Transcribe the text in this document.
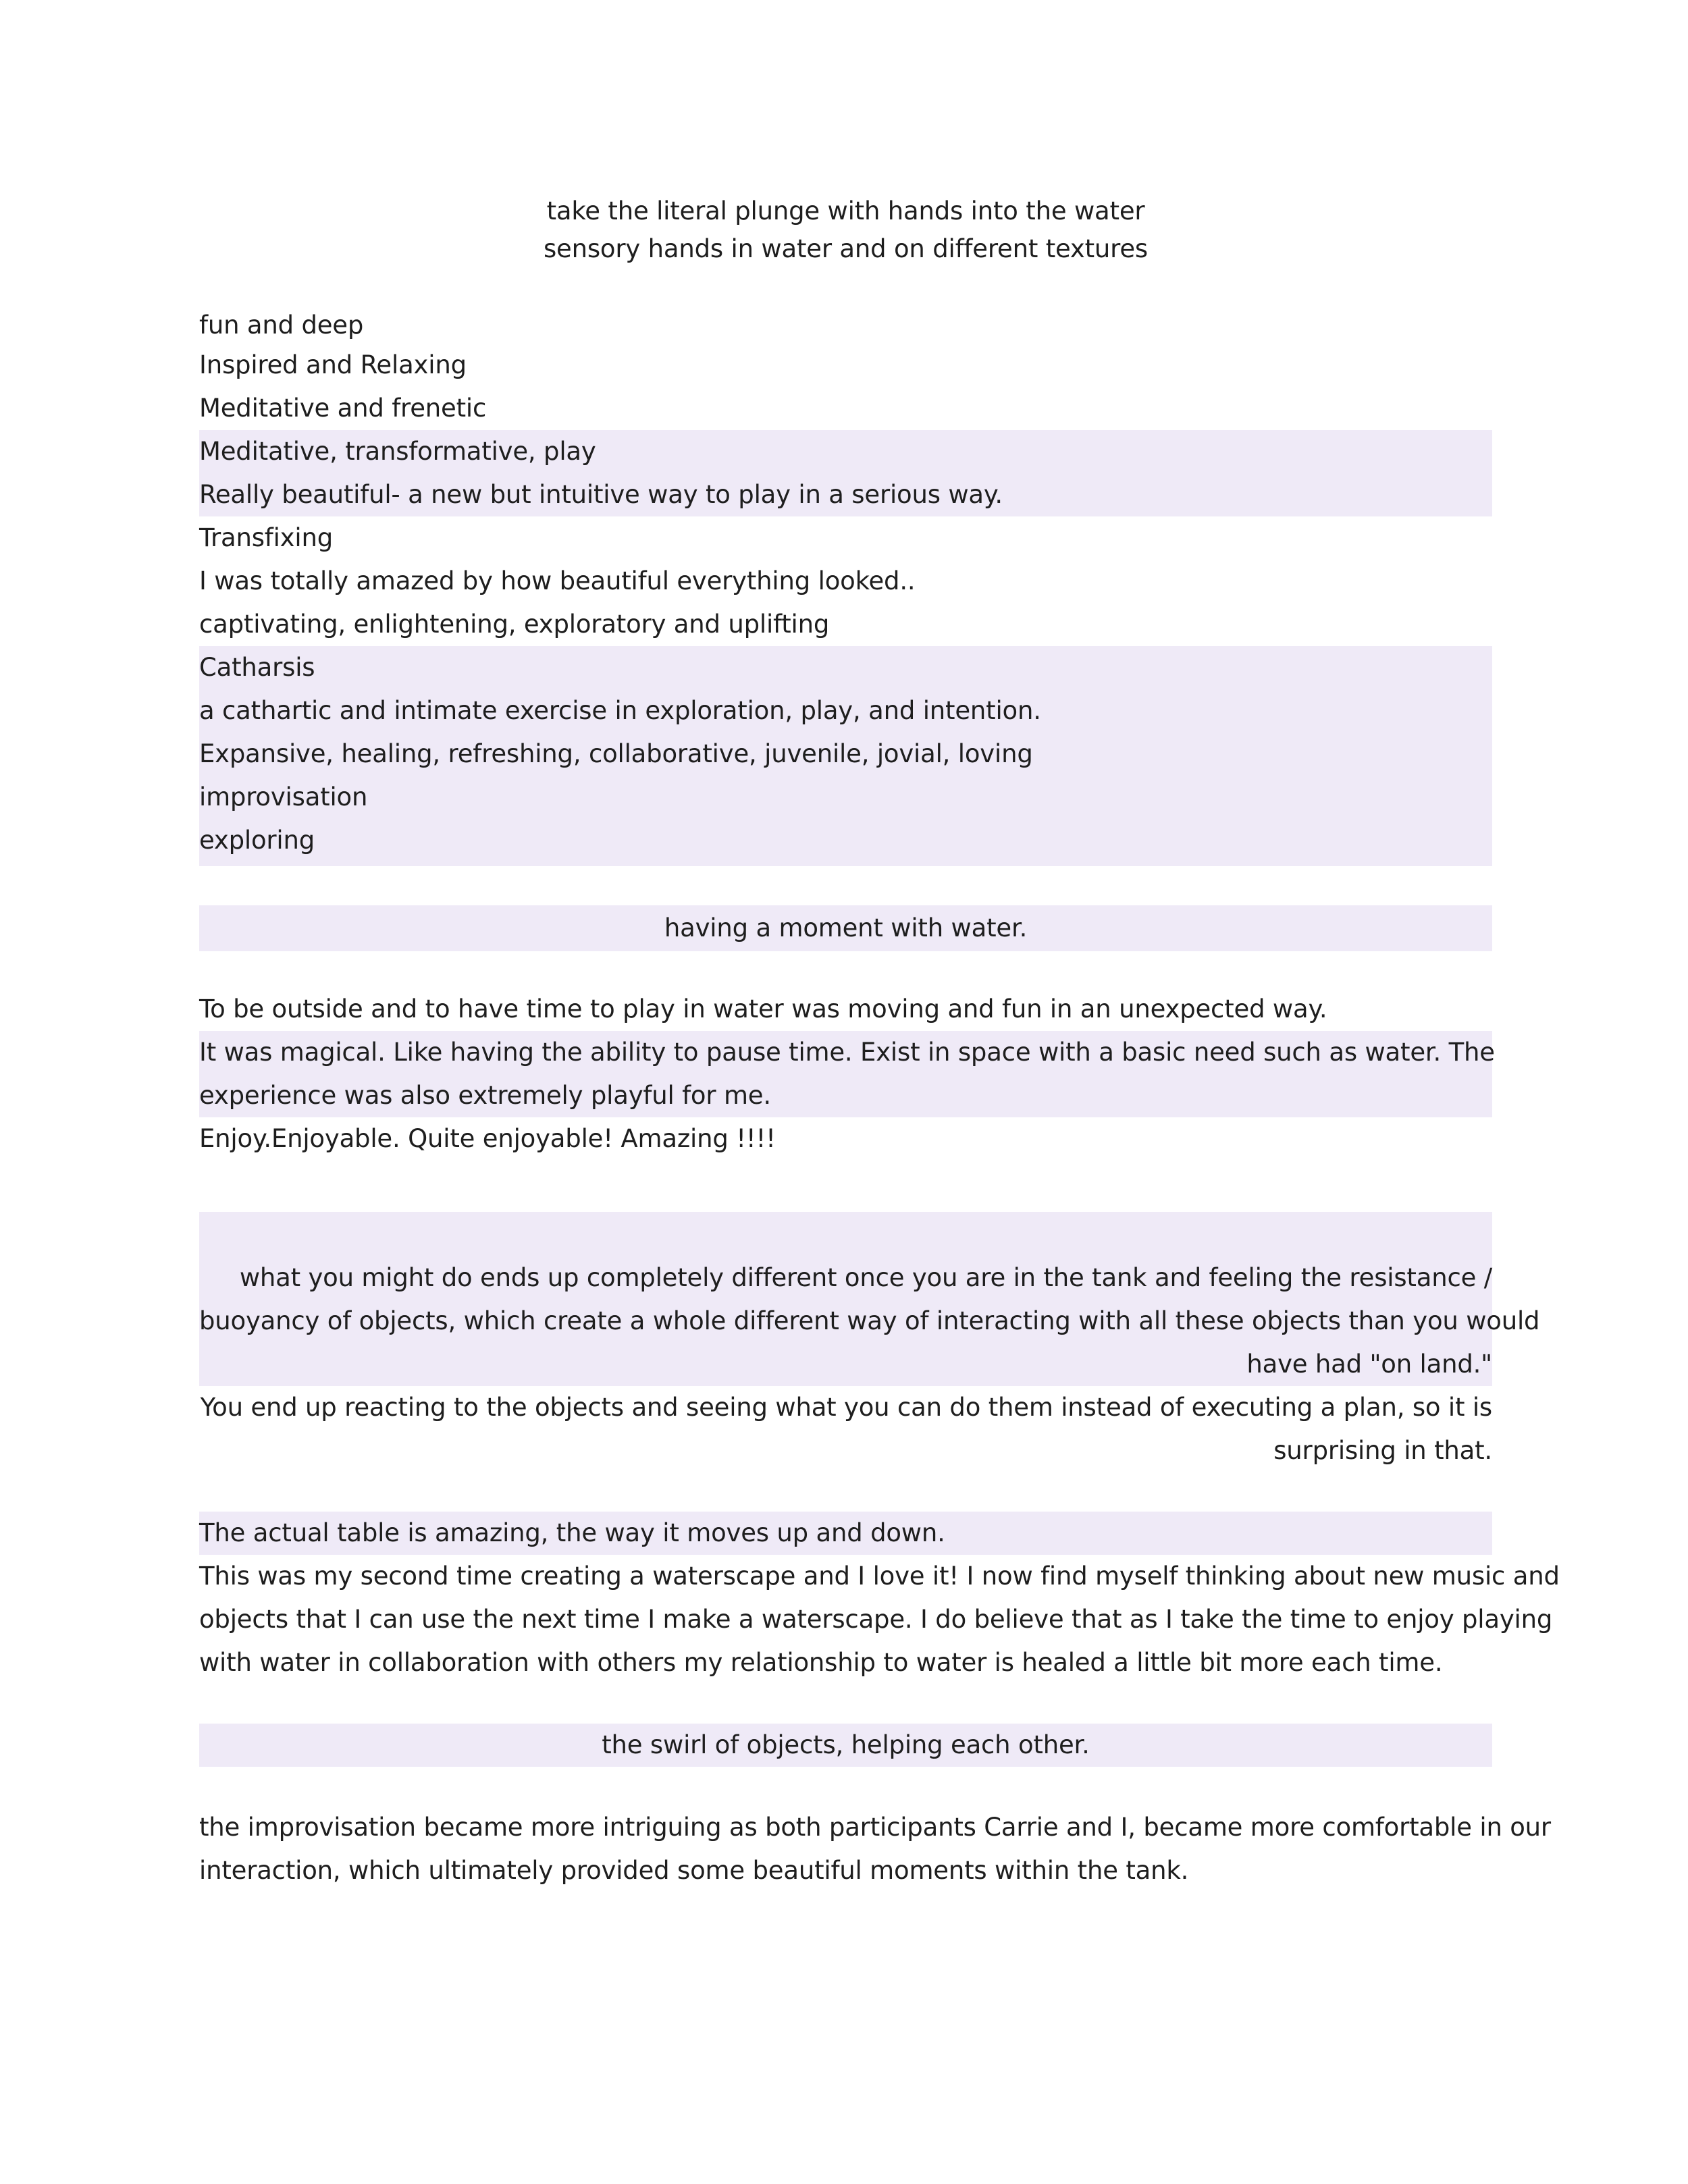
take the literal plunge with hands into the water
sensory hands in water and on different textures
fun and deep
Inspired and Relaxing
Meditative and frenetic
Meditative, transformative, play
Really beautiful- a new but intuitive way to play in a serious way.
Transfixing
I was totally amazed by how beautiful everything looked..
captivating, enlightening, exploratory and uplifting
Catharsis
a cathartic and intimate exercise in exploration, play, and intention.
Expansive, healing, refreshing, collaborative, juvenile, jovial, loving
improvisation
exploring
having a moment with water.
To be outside and to have time to play in water was moving and fun in an unexpected way.
It was magical. Like having the ability to pause time. Exist in space with a basic need such as water. The
experience was also extremely playful for me.
Enjoy.Enjoyable. Quite enjoyable! Amazing !!!!
what you might do ends up completely different once you are in the tank and feeling the resistance /
buoyancy of objects, which create a whole different way of interacting with all these objects than you would
have had "on land."
You end up reacting to the objects and seeing what you can do them instead of executing a plan, so it is
surprising in that.
The actual table is amazing, the way it moves up and down.
This was my second time creating a waterscape and I love it! I now find myself thinking about new music and
objects that I can use the next time I make a waterscape. I do believe that as I take the time to enjoy playing
with water in collaboration with others my relationship to water is healed a little bit more each time.
the swirl of objects, helping each other.
the improvisation became more intriguing as both participants Carrie and I, became more comfortable in our
interaction, which ultimately provided some beautiful moments within the tank.
